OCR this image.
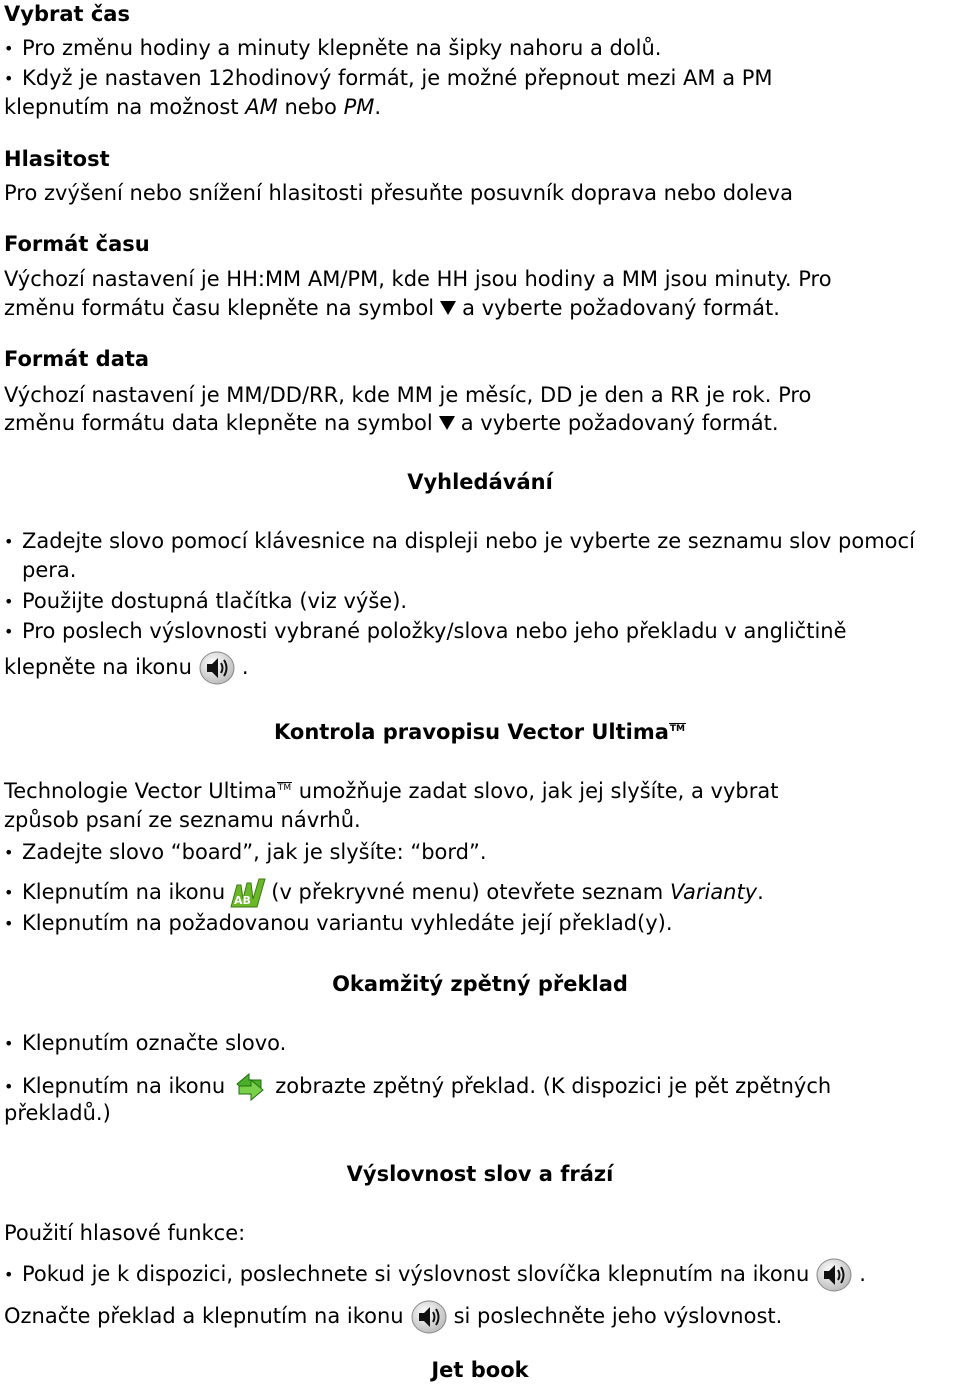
Vybrat čas
• Pro změnu hodiny a minuty klepněte na šipky nahoru a dolů.
• Když je nastaven 12hodinový formát, je možné přepnout mezi AM a PM
klepnutím na možnost AM nebo PM.
Hlasitost
Pro zvýšení nebo snížení hlasitosti přesuňte posuvník doprava nebo doleva
Formát času
Výchozí nastavení je HH:MM AM/PM, kde HH jsou hodiny a MM jsou minuty. Pro
změnu formátu času klepněte na symbol a vyberte požadovaný formát.
Formát data
Výchozí nastavení je MM/DD/RR, kde MM je měsíc, DD je den a RR je rok. Pro
změnu formátu data klepněte na symbol a vyberte požadovaný formát.
Vyhledávání
• Zadejte slovo pomocí klávesnice na displeji nebo je vyberte ze seznamu slov pomocí pera.
• Použijte dostupná tlačítka (viz výše).
• Pro poslech výslovnosti vybrané položky/slova nebo jeho překladu v angličtině
klepněte na ikonu .
Kontrola pravopisu Vector UltimaTM
Technologie Vector UltimaTM umožňuje zadat slovo, jak jej slyšíte, a vybrat
způsob psaní ze seznamu návrhů.
• Zadejte slovo “board”, jak je slyšíte: “bord”.
• Klepnutím na ikonu AB (v překryvné menu) otevřete seznam Varianty.
• Klepnutím na požadovanou variantu vyhledáte její překlad(y).
Okamžitý zpětný překlad
• Klepnutím označte slovo.
• Klepnutím na ikonu zobrazte zpětný překlad. (K dispozici je pět zpětných
překladů.)
Výslovnost slov a frází
Použití hlasové funkce:
• Pokud je k dispozici, poslechnete si výslovnost slovíčka klepnutím na ikonu .
Označte překlad a klepnutím na ikonu si poslechněte jeho výslovnost.
Jet book
